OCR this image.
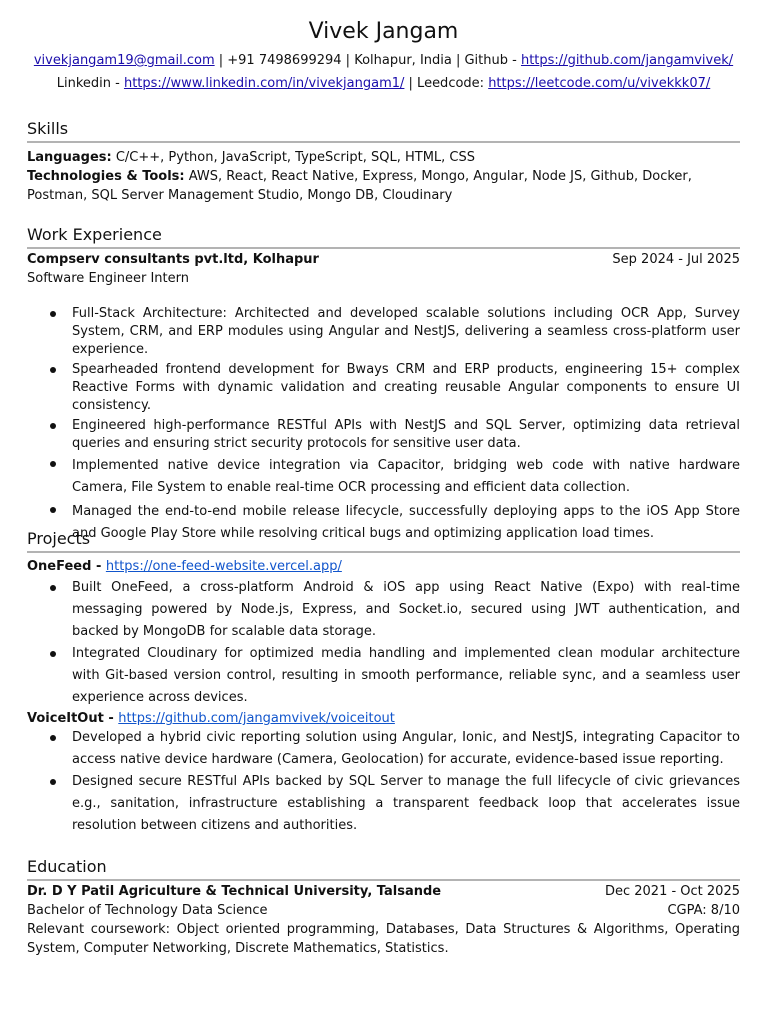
Vivek Jangam
vivekjangam19@gmail.com | +91 7498699294 | Kolhapur, India | Github - https://github.com/jangamvivek/
Linkedin - https://www.linkedin.com/in/vivekjangam1/ | Leedcode: https://leetcode.com/u/vivekkk07/
Skills
Languages: C/C++, Python, JavaScript, TypeScript, SQL, HTML, CSS
Technologies & Tools: AWS, React, React Native, Express, Mongo, Angular, Node JS, Github, Docker, Postman, SQL Server Management Studio, Mongo DB, Cloudinary
Work Experience
Compserv consultants pvt.ltd, Kolhapur	Sep 2024 - Jul 2025
Software Engineer Intern
Full-Stack Architecture: Architected and developed scalable solutions including OCR App, Survey System, CRM, and ERP modules using Angular and NestJS, delivering a seamless cross-platform user experience.
Spearheaded frontend development for Bways CRM and ERP products, engineering 15+ complex Reactive Forms with dynamic validation and creating reusable Angular components to ensure UI consistency.
Engineered high-performance RESTful APIs with NestJS and SQL Server, optimizing data retrieval queries and ensuring strict security protocols for sensitive user data.
Implemented native device integration via Capacitor, bridging web code with native hardware Camera, File System to enable real-time OCR processing and efficient data collection.
Managed the end-to-end mobile release lifecycle, successfully deploying apps to the iOS App Store and Google Play Store while resolving critical bugs and optimizing application load times.
Projects
OneFeed - https://one-feed-website.vercel.app/
Built OneFeed, a cross-platform Android & iOS app using React Native (Expo) with real-time messaging powered by Node.js, Express, and Socket.io, secured using JWT authentication, and backed by MongoDB for scalable data storage.
Integrated Cloudinary for optimized media handling and implemented clean modular architecture with Git-based version control, resulting in smooth performance, reliable sync, and a seamless user experience across devices.
VoiceItOut - https://github.com/jangamvivek/voiceitout
Developed a hybrid civic reporting solution using Angular, Ionic, and NestJS, integrating Capacitor to access native device hardware (Camera, Geolocation) for accurate, evidence-based issue reporting.
Designed secure RESTful APIs backed by SQL Server to manage the full lifecycle of civic grievances e.g., sanitation, infrastructure establishing a transparent feedback loop that accelerates issue resolution between citizens and authorities.
Education
Dr. D Y Patil Agriculture & Technical University, Talsande	Dec 2021 - Oct 2025
Bachelor of Technology Data Science	CGPA: 8/10
Relevant coursework: Object oriented programming, Databases, Data Structures & Algorithms, Operating System, Computer Networking, Discrete Mathematics, Statistics.
